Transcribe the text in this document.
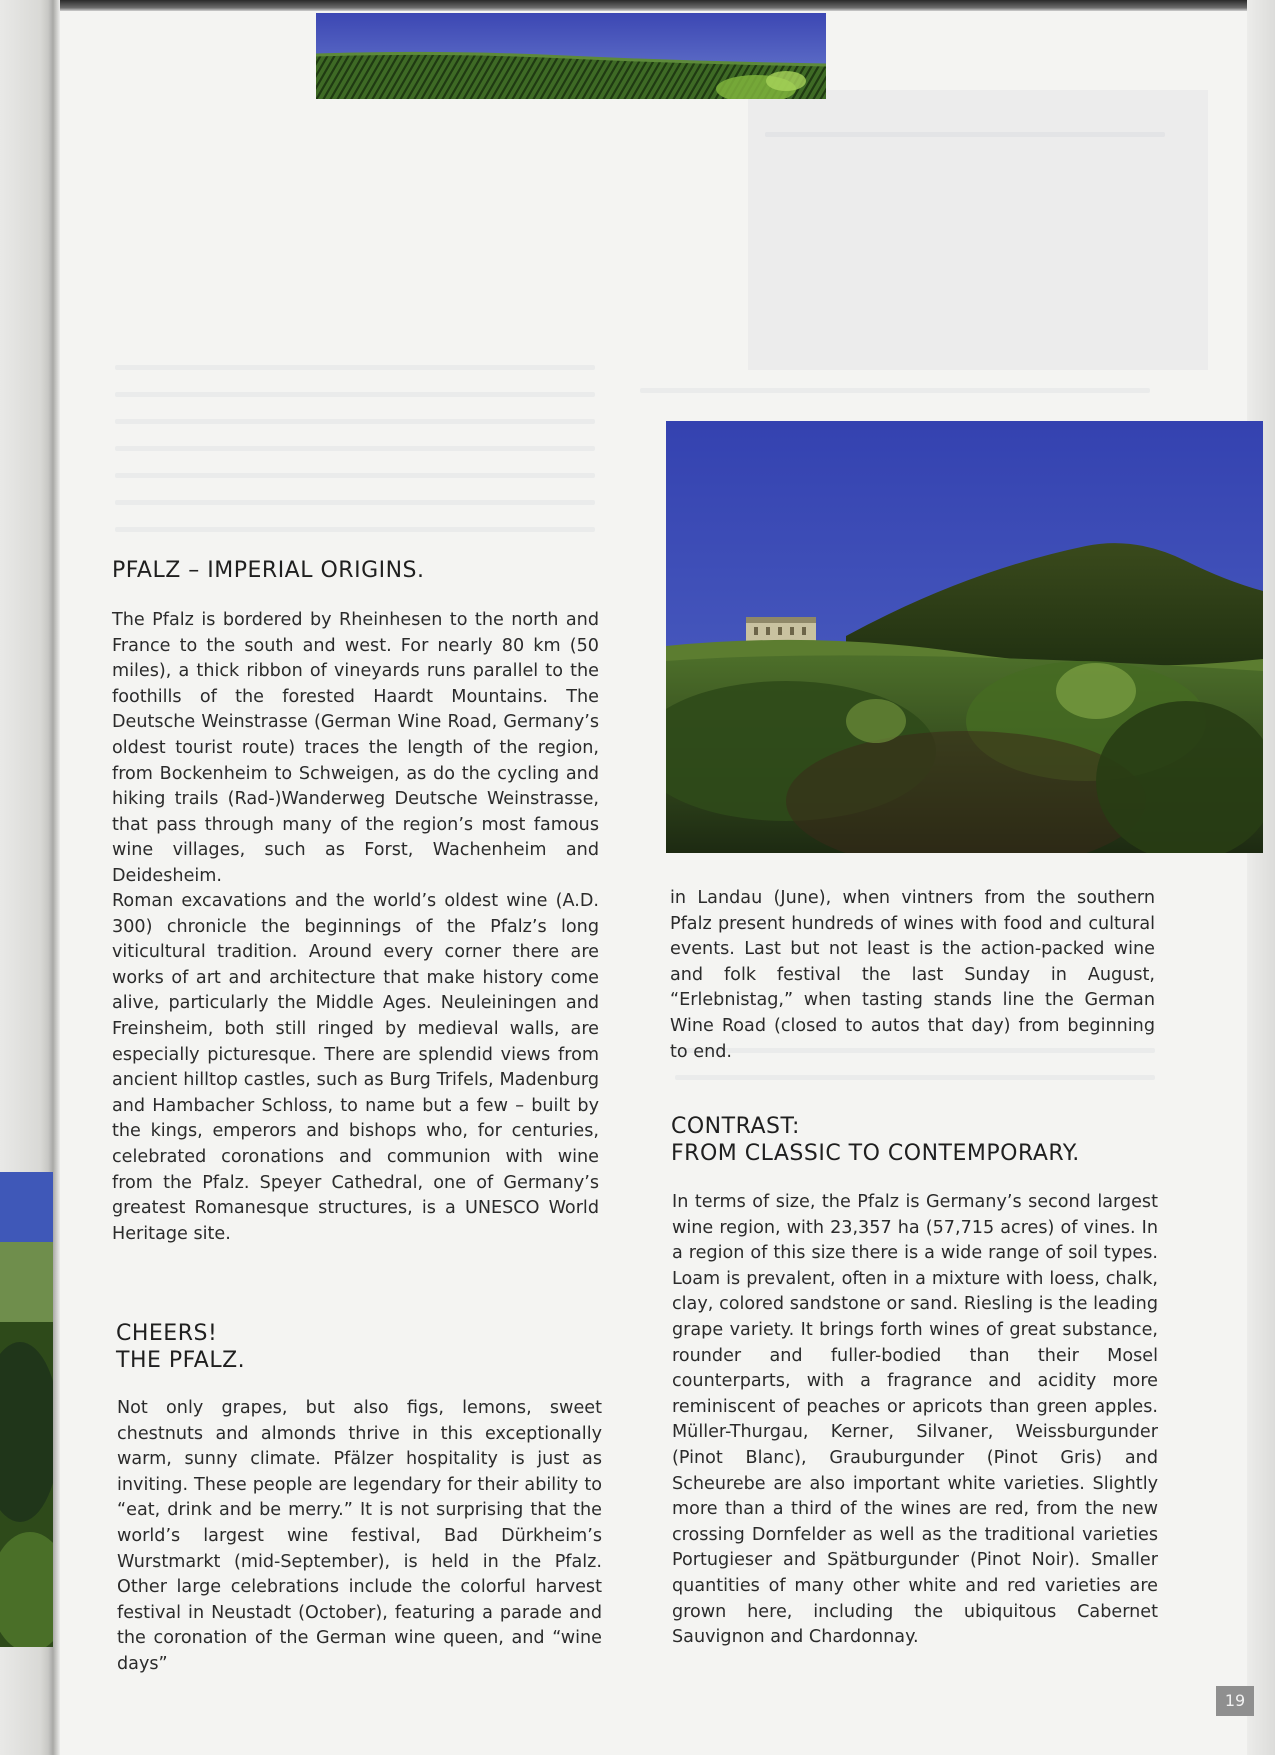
PFALZ – IMPERIAL ORIGINS.

The Pfalz is bordered by Rheinhesen to the north and France to the south and west. For nearly 80 km (50 miles), a thick ribbon of vineyards runs parallel to the foothills of the forested Haardt Mountains. The Deutsche Weinstrasse (German Wine Road, Germany’s oldest tourist route) traces the length of the region, from Bockenheim to Schweigen, as do the cycling and hiking trails (Rad-)Wanderweg Deutsche Weinstrasse, that pass through many of the region’s most famous wine villages, such as Forst, Wachenheim and Deidesheim.

Roman excavations and the world’s oldest wine (A.D. 300) chronicle the beginnings of the Pfalz’s long viticultural tradition. Around every corner there are works of art and architecture that make history come alive, particularly the Middle Ages. Neuleiningen and Freinsheim, both still ringed by medieval walls, are especially picturesque. There are splendid views from ancient hilltop castles, such as Burg Trifels, Madenburg and Hambacher Schloss, to name but a few – built by the kings, emperors and bishops who, for centuries, celebrated coronations and communion with wine from the Pfalz. Speyer Cathedral, one of Germany’s greatest Romanesque structures, is a UNESCO World Heritage site.

CHEERS!
THE PFALZ.

Not only grapes, but also figs, lemons, sweet chestnuts and almonds thrive in this exceptionally warm, sunny climate. Pfälzer hospitality is just as inviting. These people are legendary for their ability to “eat, drink and be merry.” It is not surprising that the world’s largest wine festival, Bad Dürkheim’s Wurstmarkt (mid-September), is held in the Pfalz. Other large celebrations include the colorful harvest festival in Neustadt (October), featuring a parade and the coronation of the German wine queen, and “wine days”

in Landau (June), when vintners from the southern Pfalz present hundreds of wines with food and cultural events. Last but not least is the action-packed wine and folk festival the last Sunday in August, “Erlebnistag,” when tasting stands line the German Wine Road (closed to autos that day) from beginning to end.

CONTRAST:
FROM CLASSIC TO CONTEMPORARY.

In terms of size, the Pfalz is Germany’s second largest wine region, with 23,357 ha (57,715 acres) of vines. In a region of this size there is a wide range of soil types. Loam is prevalent, often in a mixture with loess, chalk, clay, colored sandstone or sand. Riesling is the leading grape variety. It brings forth wines of great substance, rounder and fuller-bodied than their Mosel counterparts, with a fragrance and acidity more reminiscent of peaches or apricots than green apples. Müller-Thurgau, Kerner, Silvaner, Weissburgunder (Pinot Blanc), Grauburgunder (Pinot Gris) and Scheurebe are also important white varieties. Slightly more than a third of the wines are red, from the new crossing Dornfelder as well as the traditional varieties Portugieser and Spätburgunder (Pinot Noir). Smaller quantities of many other white and red varieties are grown here, including the ubiquitous Cabernet Sauvignon and Chardonnay.

19
